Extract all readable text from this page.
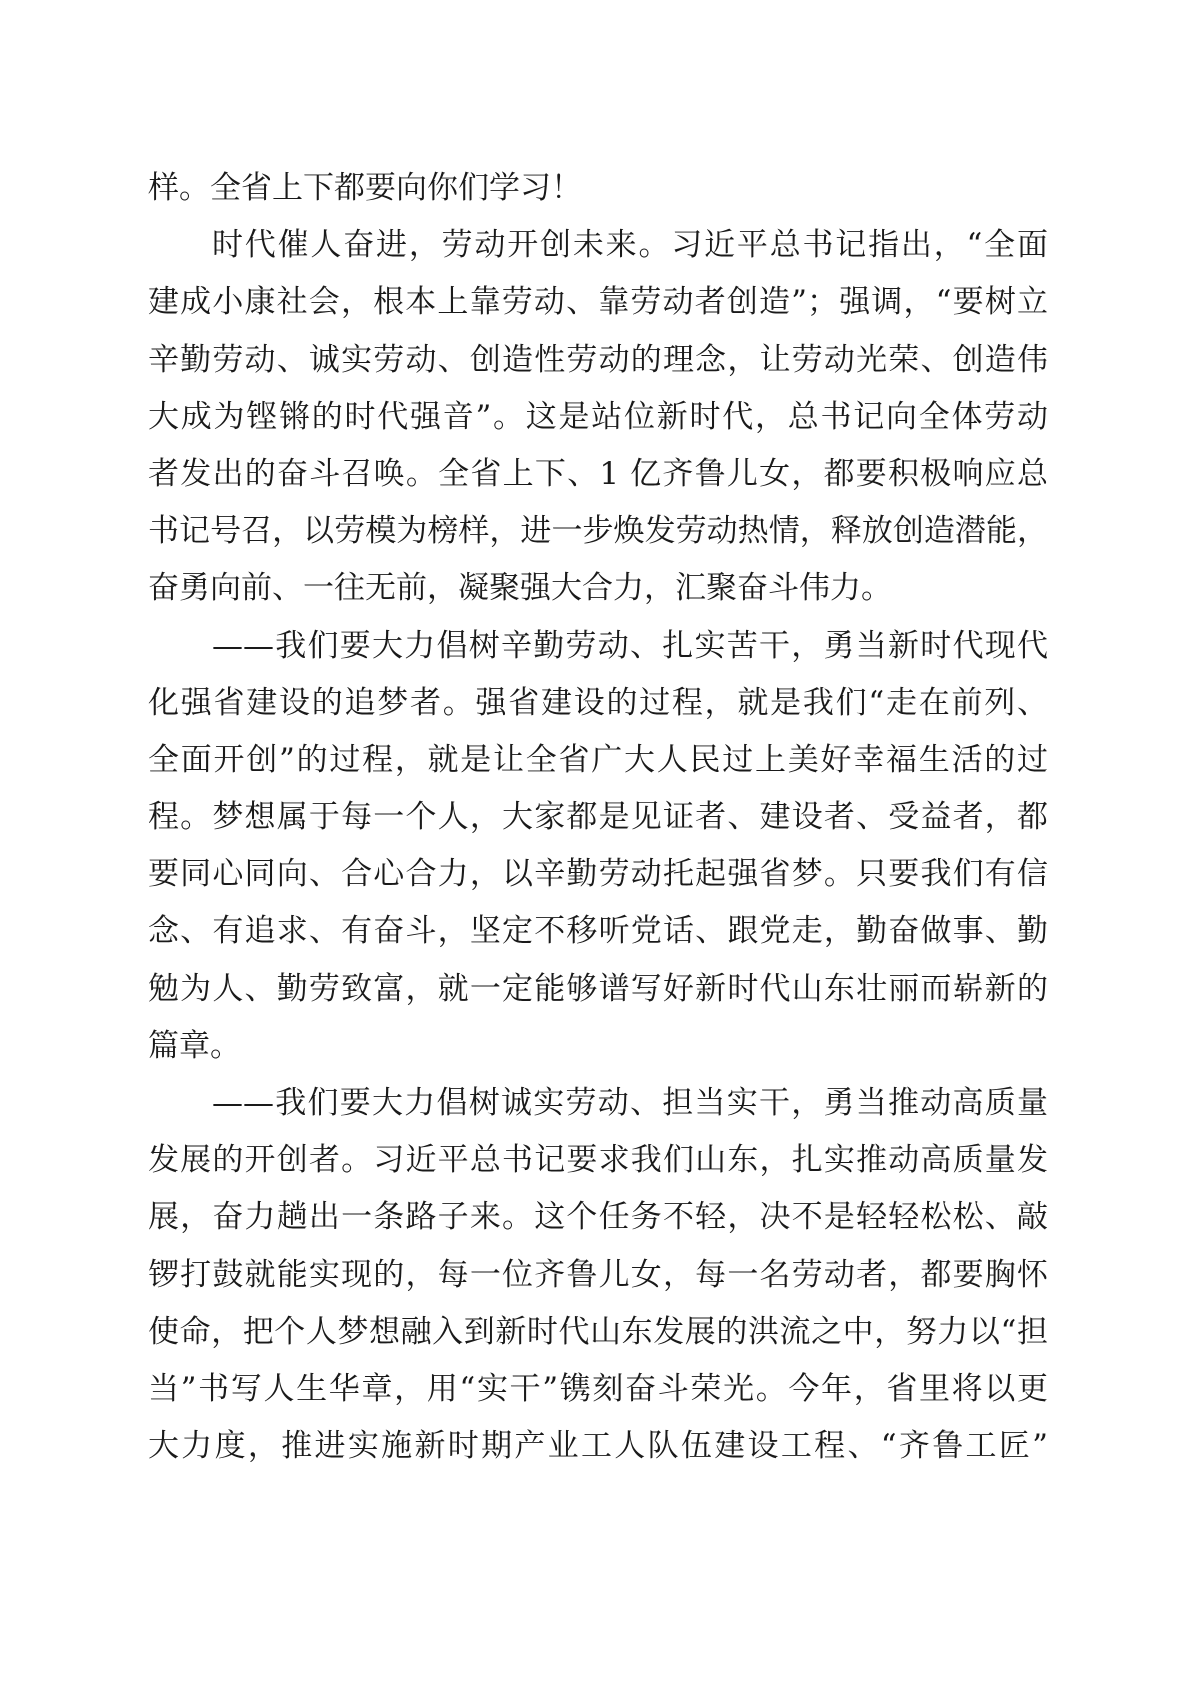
样。全省上下都要向你们学习！
时代催人奋进，劳动开创未来。习近平总书记指出，“全面
建成小康社会，根本上靠劳动、靠劳动者创造”；强调，“要树立
辛勤劳动、诚实劳动、创造性劳动的理念，让劳动光荣、创造伟
大成为铿锵的时代强音”。这是站位新时代，总书记向全体劳动
者发出的奋斗召唤。全省上下、1 亿齐鲁儿女，都要积极响应总
书记号召，以劳模为榜样，进一步焕发劳动热情，释放创造潜能，
奋勇向前、一往无前，凝聚强大合力，汇聚奋斗伟力。
——我们要大力倡树辛勤劳动、扎实苦干，勇当新时代现代
化强省建设的追梦者。强省建设的过程，就是我们“走在前列、
全面开创”的过程，就是让全省广大人民过上美好幸福生活的过
程。梦想属于每一个人，大家都是见证者、建设者、受益者，都
要同心同向、合心合力，以辛勤劳动托起强省梦。只要我们有信
念、有追求、有奋斗，坚定不移听党话、跟党走，勤奋做事、勤
勉为人、勤劳致富，就一定能够谱写好新时代山东壮丽而崭新的
篇章。
——我们要大力倡树诚实劳动、担当实干，勇当推动高质量
发展的开创者。习近平总书记要求我们山东，扎实推动高质量发
展，奋力趟出一条路子来。这个任务不轻，决不是轻轻松松、敲
锣打鼓就能实现的，每一位齐鲁儿女，每一名劳动者，都要胸怀
使命，把个人梦想融入到新时代山东发展的洪流之中，努力以“担
当”书写人生华章，用“实干”镌刻奋斗荣光。今年，省里将以更
大力度，推进实施新时期产业工人队伍建设工程、“齐鲁工匠”
